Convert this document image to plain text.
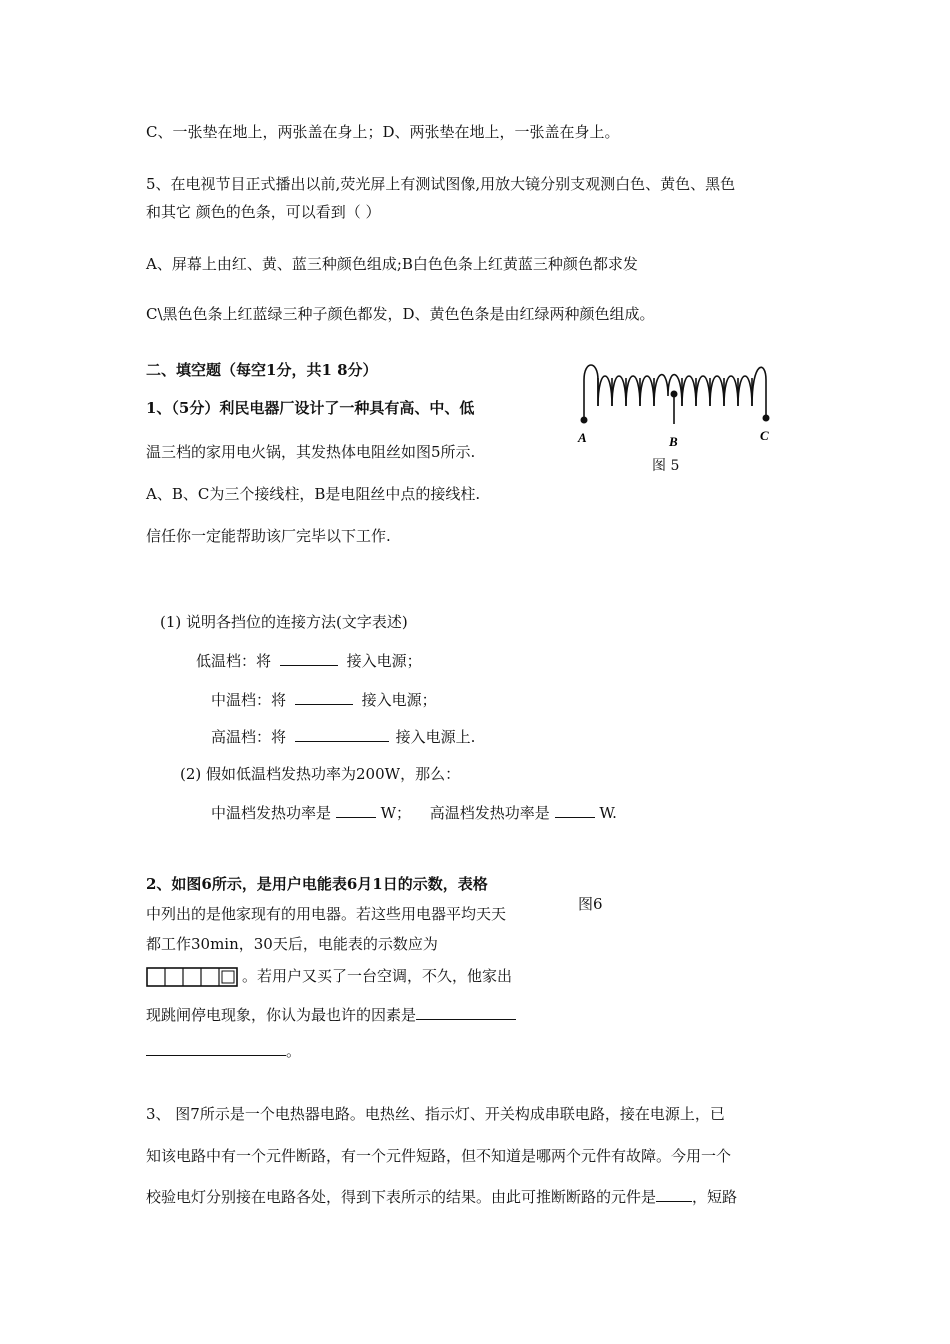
C、一张垫在地上，两张盖在身上；D、两张垫在地上，一张盖在身上。
5、在电视节目正式播出以前,荧光屏上有测试图像,用放大镜分别支观测白色、黄色、黑色
和其它 颜色的色条，可以看到（ ）
A、屏幕上由红、黄、蓝三种颜色组成;B白色色条上红黄蓝三种颜色都求发
C\黑色色条上红蓝绿三种子颜色都发，D、黄色色条是由红绿两种颜色组成。
二、填空题（每空1分，共1 8分）
1、（5分）利民电器厂设计了一种具有高、中、低
温三档的家用电火锅，其发热体电阻丝如图5所示.
A、B、C为三个接线柱，B是电阻丝中点的接线柱.
信任你一定能帮助该厂完毕以下工作.
A	B	C
图 5
(1) 说明各挡位的连接方法(文字表述)
低温档：将	接入电源；
中温档：将	接入电源；
高温档：将	接入电源上.
(2) 假如低温档发热功率为200W，那么：
中温档发热功率是	W； 高温档发热功率是	W.
2、如图6所示，是用户电能表6月1日的示数，表格
图6
中列出的是他家现有的用电器。若这些用电器平均天天
都工作30min，30天后，电能表的示数应为
。若用户又买了一台空调，不久，他家出
现跳闸停电现象，你认为最也许的因素是
。
3、 图7所示是一个电热器电路。电热丝、指示灯、开关构成串联电路，接在电源上，已
知该电路中有一个元件断路，有一个元件短路，但不知道是哪两个元件有故障。今用一个
校验电灯分别接在电路各处，得到下表所示的结果。由此可推断断路的元件是 ，短路
